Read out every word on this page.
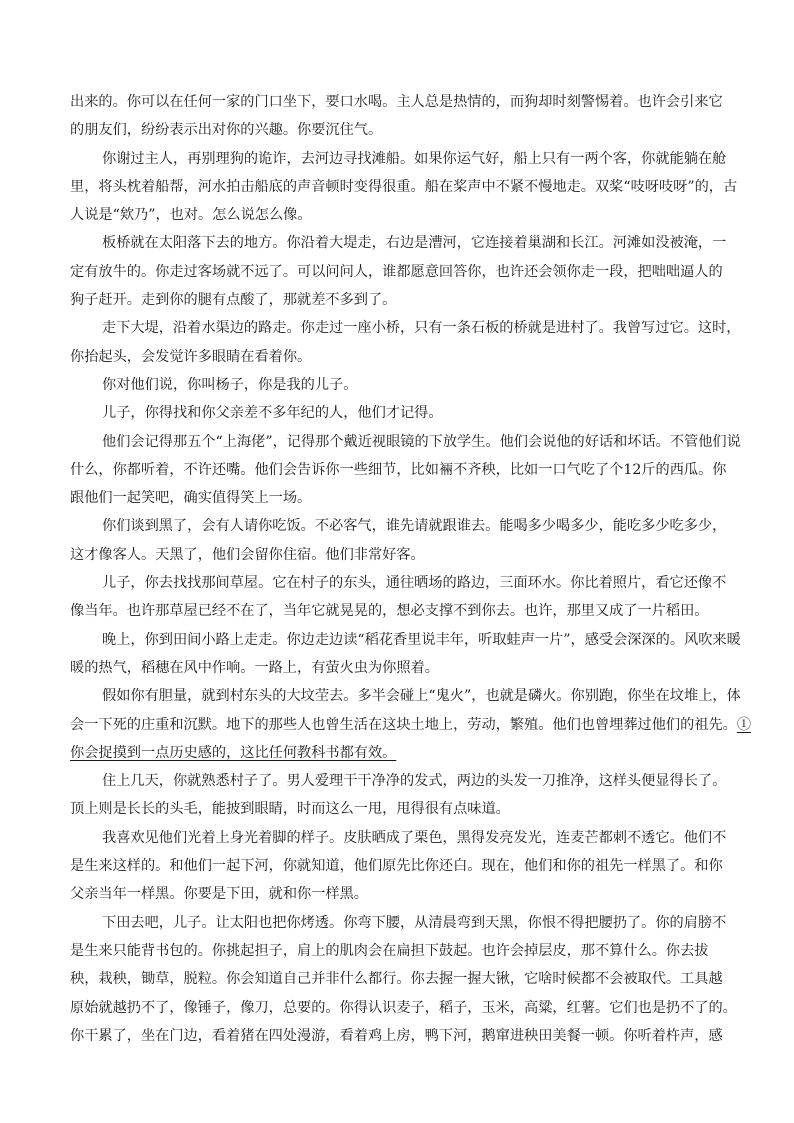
出来的。你可以在任何一家的门口坐下，要口水喝。主人总是热情的，而狗却时刻警惕着。也许会引来它
的朋友们，纷纷表示出对你的兴趣。你要沉住气。
你谢过主人，再别理狗的诡诈，去河边寻找滩船。如果你运气好，船上只有一两个客，你就能躺在舱
里，将头枕着船帮，河水拍击船底的声音顿时变得很重。船在桨声中不紧不慢地走。双桨“吱呀吱呀”的，古
人说是“欸乃”，也对。怎么说怎么像。
板桥就在太阳落下去的地方。你沿着大堤走，右边是漕河，它连接着巢湖和长江。河滩如没被淹，一
定有放牛的。你走过客场就不远了。可以问问人，谁都愿意回答你，也许还会领你走一段，把咄咄逼人的
狗子赶开。走到你的腿有点酸了，那就差不多到了。
走下大堤，沿着水渠边的路走。你走过一座小桥，只有一条石板的桥就是进村了。我曾写过它。这时，
你抬起头，会发觉许多眼睛在看着你。
你对他们说，你叫杨子，你是我的儿子。
儿子，你得找和你父亲差不多年纪的人，他们才记得。
他们会记得那五个“上海佬”，记得那个戴近视眼镜的下放学生。他们会说他的好话和坏话。不管他们说
什么，你都听着，不许还嘴。他们会告诉你一些细节，比如裲不齐秧，比如一口气吃了个12斤的西瓜。你
跟他们一起笑吧，确实值得笑上一场。
你们谈到黑了，会有人请你吃饭。不必客气，谁先请就跟谁去。能喝多少喝多少，能吃多少吃多少，
这才像客人。天黑了，他们会留你住宿。他们非常好客。
儿子，你去找找那间草屋。它在村子的东头，通往晒场的路边，三面环水。你比着照片，看它还像不
像当年。也许那草屋已经不在了，当年它就晃晃的，想必支撑不到你去。也许，那里又成了一片稻田。
晚上，你到田间小路上走走。你边走边读“稻花香里说丰年，听取蛙声一片”，感受会深深的。风吹来暖
暖的热气，稻穗在风中作响。一路上，有萤火虫为你照着。
假如你有胆量，就到村东头的大坟茔去。多半会碰上“鬼火”，也就是磷火。你别跑，你坐在坟堆上，体
会一下死的庄重和沉默。地下的那些人也曾生活在这块土地上，劳动，繁殖。他们也曾埋葬过他们的祖先。①
你会捉摸到一点历史感的，这比任何教科书都有效。
住上几天，你就熟悉村子了。男人爱理干干净净的发式，两边的头发一刀推净，这样头便显得长了。
顶上则是长长的头毛，能披到眼睛，时而这么一甩，甩得很有点味道。
我喜欢见他们光着上身光着脚的样子。皮肤晒成了栗色，黑得发亮发光，连麦芒都刺不透它。他们不
是生来这样的。和他们一起下河，你就知道，他们原先比你还白。现在，他们和你的祖先一样黑了。和你
父亲当年一样黑。你要是下田，就和你一样黑。
下田去吧，儿子。让太阳也把你烤透。你弯下腰，从清晨弯到天黑，你恨不得把腰扔了。你的肩膀不
是生来只能背书包的。你挑起担子，肩上的肌肉会在扁担下鼓起。也许会掉层皮，那不算什么。你去拔
秧，栽秧，锄草，脱粒。你会知道自己并非什么都行。你去握一握大锹，它啥时候都不会被取代。工具越
原始就越扔不了，像锤子，像刀，总要的。你得认识麦子，稻子，玉米，高粱，红薯。它们也是扔不了的。
你干累了，坐在门边，看着猪在四处漫游，看着鸡上房，鸭下河，鹅窜进秧田美餐一顿。你听着杵声，感
